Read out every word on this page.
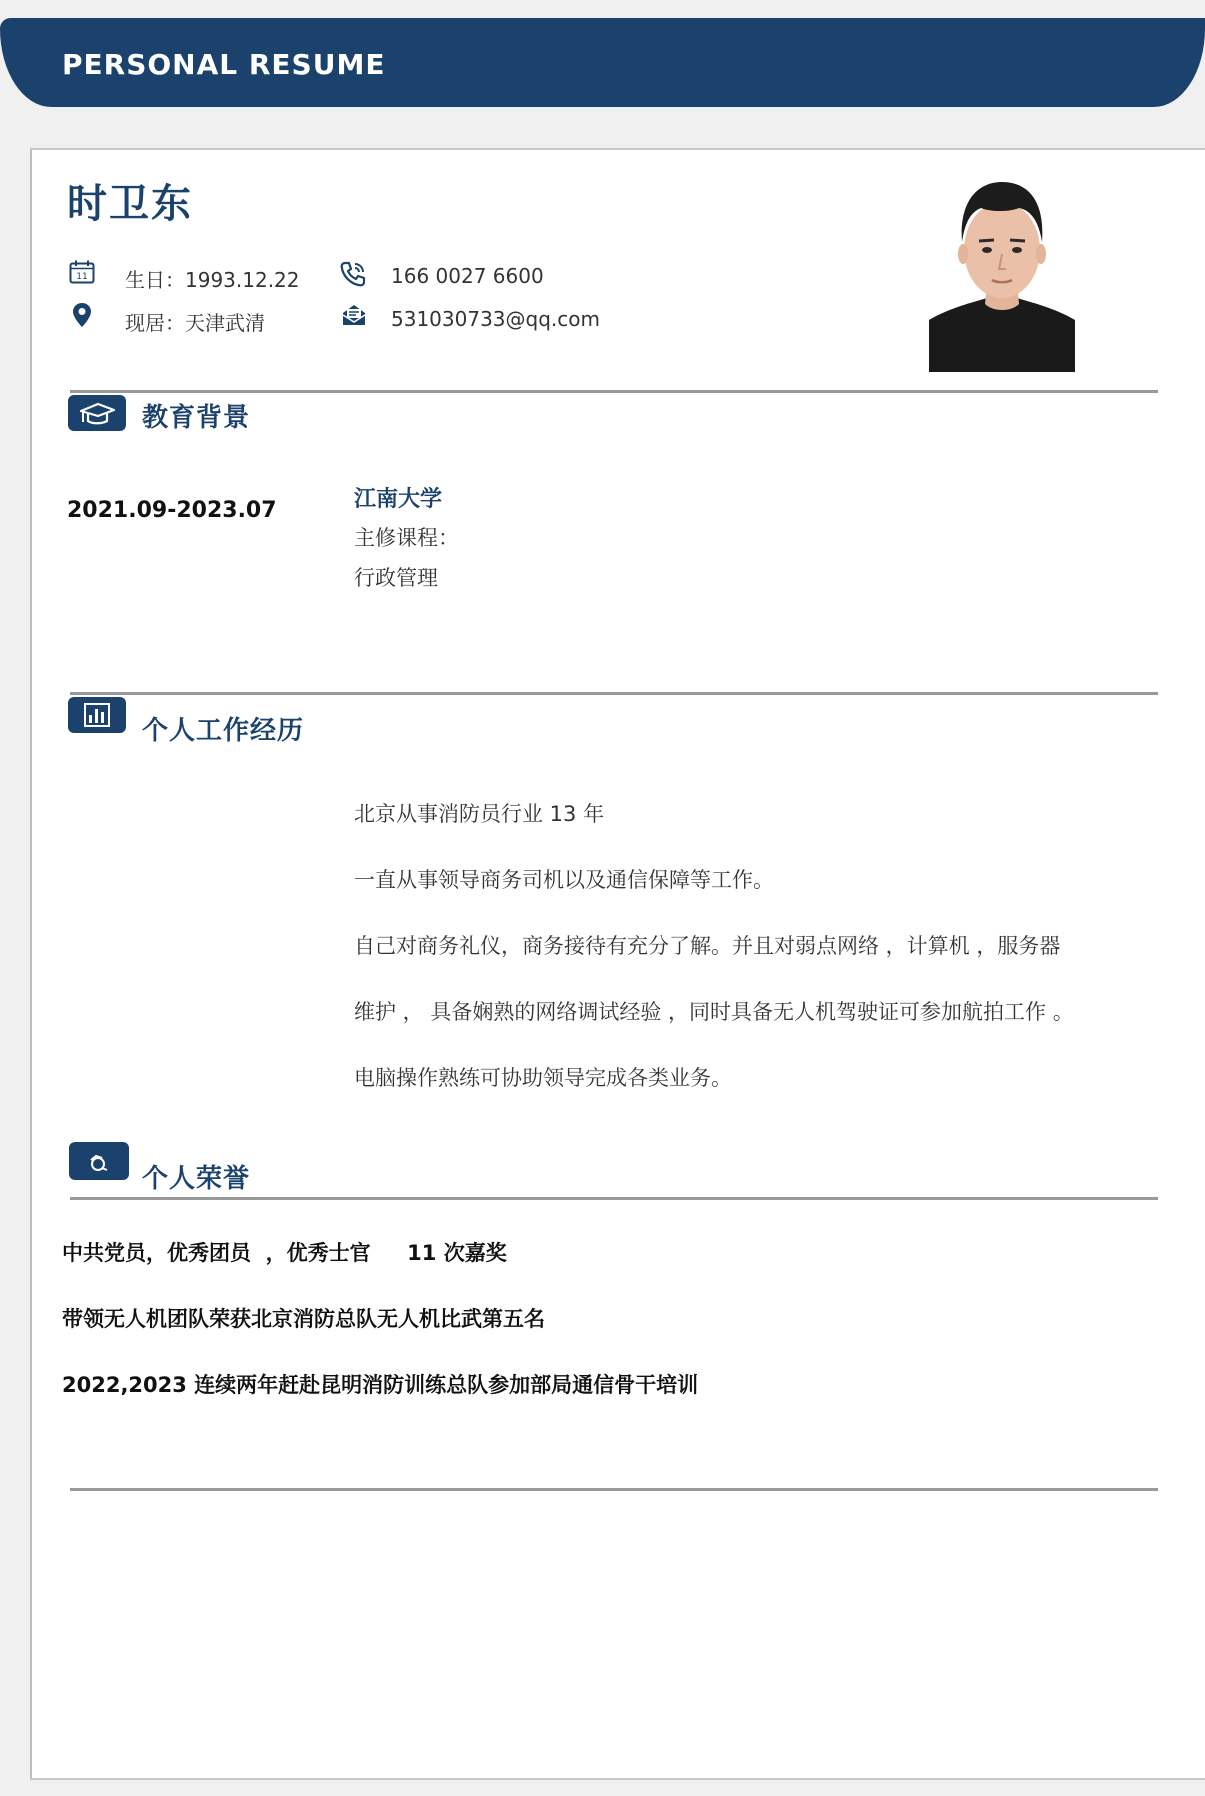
PERSONAL RESUME
时卫东
11 生日：1993.12.22
现居：天津武清
166 0027 6600
531030733@qq.com
教育背景
2021.09-2023.07	江南大学
主修课程：
行政管理
个人工作经历
北京从事消防员行业 13 年
一直从事领导商务司机以及通信保障等工作。
自己对商务礼仪，商务接待有充分了解。并且对弱点网络 ，计算机 ，服务器
维护 ， 具备娴熟的网络调试经验 ，同时具备无人机驾驶证可参加航拍工作 。
电脑操作熟练可协助领导完成各类业务。
个人荣誉
中共党员，优秀团员  ，优秀士官     11 次嘉奖
带领无人机团队荣获北京消防总队无人机比武第五名
2022,2023 连续两年赶赴昆明消防训练总队参加部局通信骨干培训
